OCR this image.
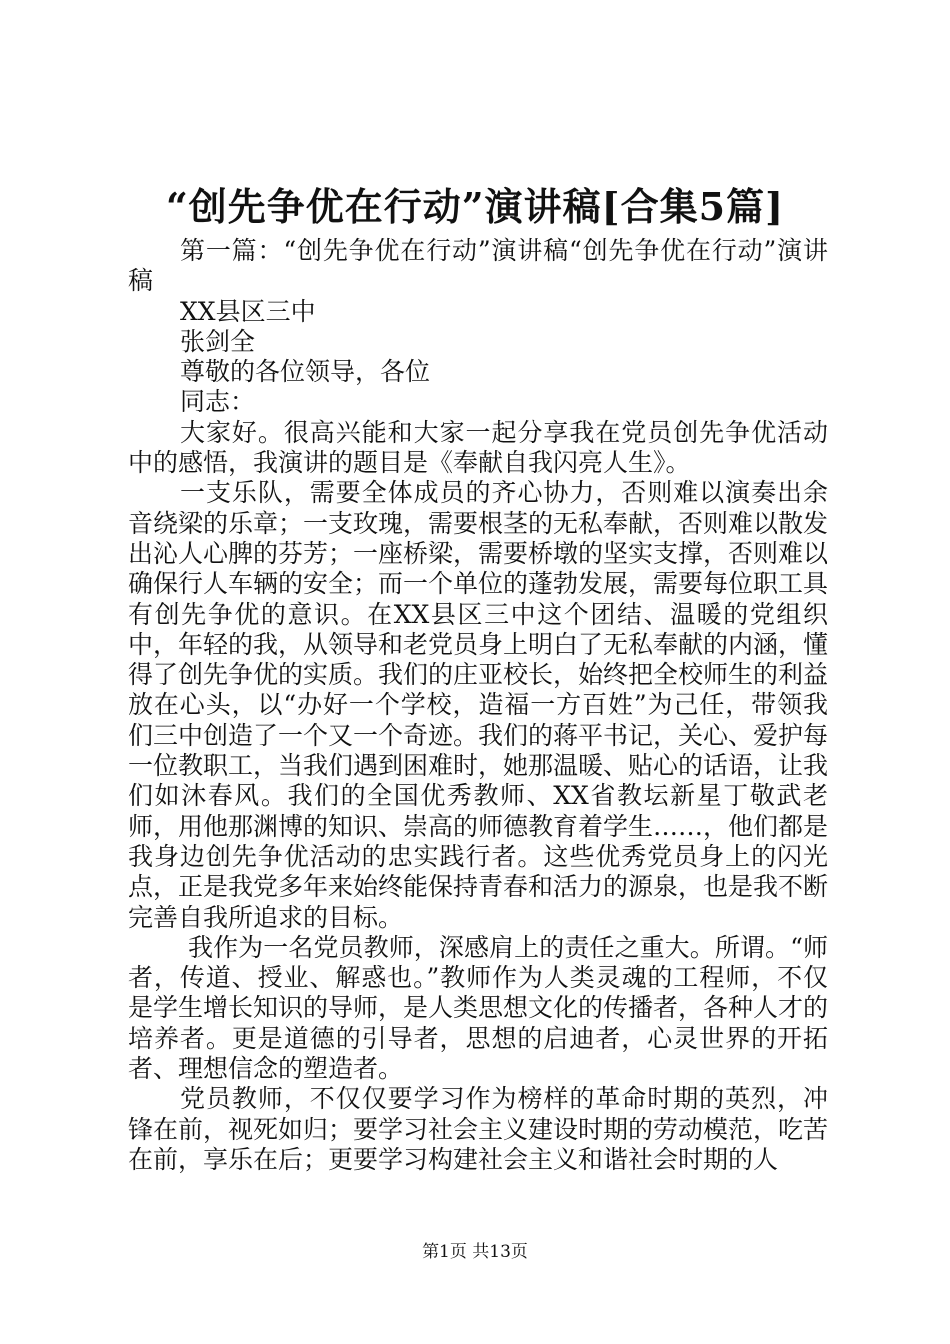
“创先争优在行动”演讲稿[合集5篇]

第一篇：“创先争优在行动”演讲稿“创先争优在行动”演讲稿

XX县区三中

张剑全

尊敬的各位领导，各位

同志：

大家好。很高兴能和大家一起分享我在党员创先争优活动中的感悟，我演讲的题目是《奉献自我闪亮人生》。

一支乐队，需要全体成员的齐心协力，否则难以演奏出余音绕梁的乐章；一支玫瑰，需要根茎的无私奉献，否则难以散发出沁人心脾的芬芳；一座桥梁，需要桥墩的坚实支撑，否则难以确保行人车辆的安全；而一个单位的蓬勃发展，需要每位职工具有创先争优的意识。在XX县区三中这个团结、温暖的党组织中，年轻的我，从领导和老党员身上明白了无私奉献的内涵，懂得了创先争优的实质。我们的庄亚校长，始终把全校师生的利益放在心头，以“办好一个学校，造福一方百姓”为己任，带领我们三中创造了一个又一个奇迹。我们的蒋平书记，关心、爱护每一位教职工，当我们遇到困难时，她那温暖、贴心的话语，让我们如沐春风。我们的全国优秀教师、XX省教坛新星丁敬武老师，用他那渊博的知识、崇高的师德教育着学生……，他们都是我身边创先争优活动的忠实践行者。这些优秀党员身上的闪光点，正是我党多年来始终能保持青春和活力的源泉，也是我不断完善自我所追求的目标。

我作为一名党员教师，深感肩上的责任之重大。所谓。“师者，传道、授业、解惑也。”教师作为人类灵魂的工程师，不仅是学生增长知识的导师，是人类思想文化的传播者，各种人才的培养者。更是道德的引导者，思想的启迪者，心灵世界的开拓者、理想信念的塑造者。

党员教师，不仅仅要学习作为榜样的革命时期的英烈，冲锋在前，视死如归；要学习社会主义建设时期的劳动模范，吃苦在前，享乐在后；更要学习构建社会主义和谐社会时期的人

第1页 共13页
